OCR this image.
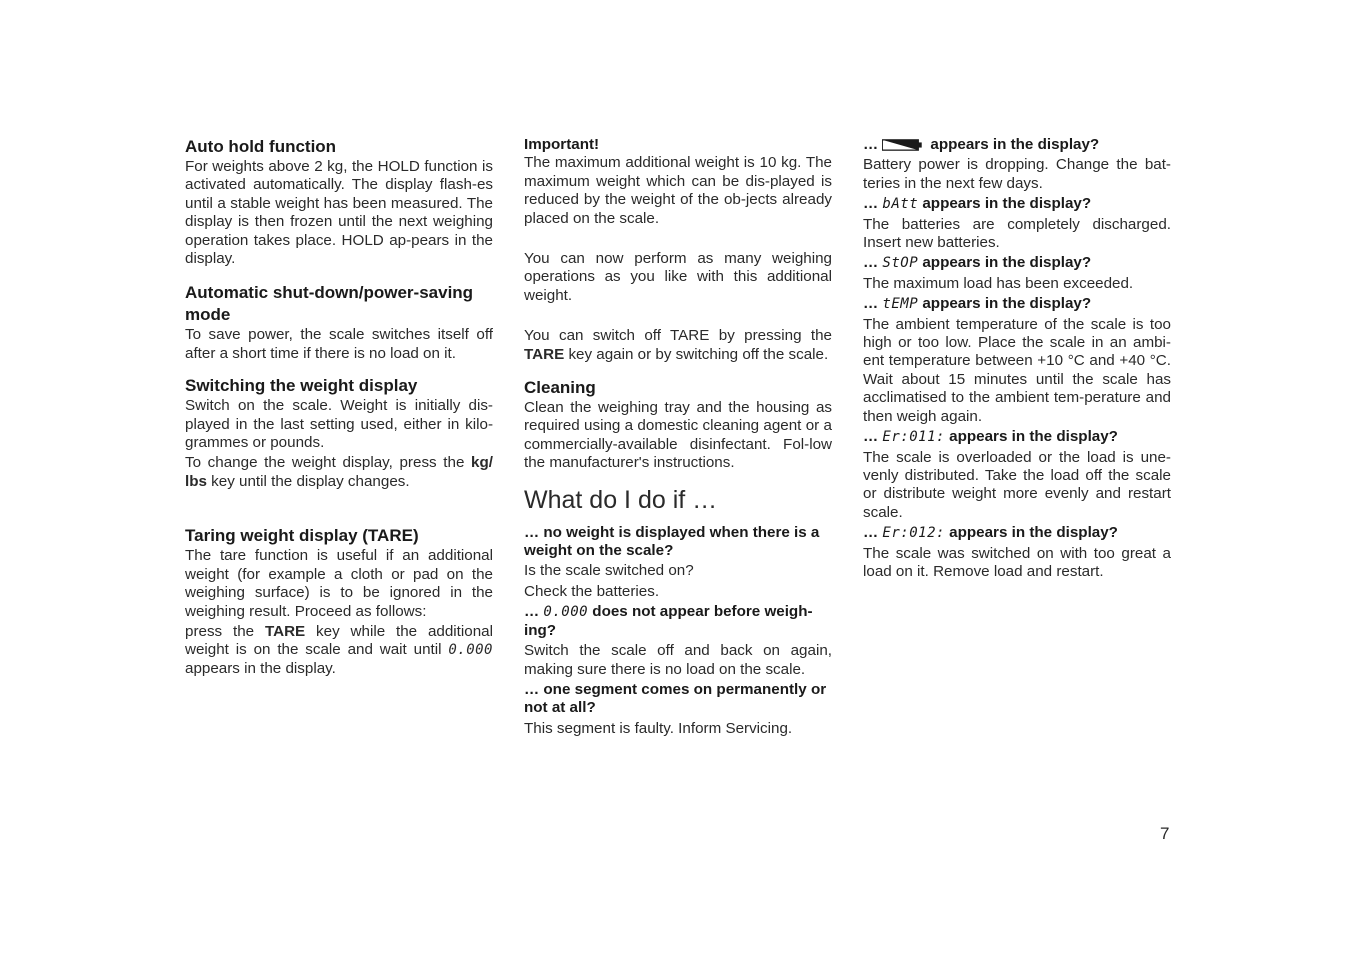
Auto hold function

For weights above 2 kg, the HOLD function is activated automatically. The display flash-es until a stable weight has been measured. The display is then frozen until the next weighing operation takes place. HOLD ap-pears in the display.

Automatic shut-down/power-saving mode

To save power, the scale switches itself off after a short time if there is no load on it.

Switching the weight display

Switch on the scale. Weight is initially dis-played in the last setting used, either in kilo-grammes or pounds.

To change the weight display, press the kg/ lbs key until the display changes.

Taring weight display (TARE)

The tare function is useful if an additional weight (for example a cloth or pad on the weighing surface) is to be ignored in the weighing result. Proceed as follows:

press the TARE key while the additional weight is on the scale and wait until 0.000 appears in the display.

Important!

The maximum additional weight is 10 kg. The maximum weight which can be dis-played is reduced by the weight of the ob-jects already placed on the scale.

You can now perform as many weighing operations as you like with this additional weight.

You can switch off TARE by pressing the TARE key again or by switching off the scale.

Cleaning

Clean the weighing tray and the housing as required using a domestic cleaning agent or a commercially-available disinfectant. Fol-low the manufacturer's instructions.

What do I do if …
… no weight is displayed when there is a weight on the scale?

Is the scale switched on?

Check the batteries.

… 0.000 does not appear before weigh-ing?

Switch the scale off and back on again, making sure there is no load on the scale.

… one segment comes on permanently or not at all?

This segment is faulty. Inform Servicing.

…	appears in the display?

Battery power is dropping. Change the bat-teries in the next few days.

… bAtt appears in the display?

The batteries are completely discharged. Insert new batteries.

… StOP appears in the display?

The maximum load has been exceeded.

… tEMP appears in the display?

The ambient temperature of the scale is too high or too low. Place the scale in an ambi-ent temperature between +10 °C and +40 °C. Wait about 15 minutes until the scale has acclimatised to the ambient tem-perature and then weigh again.

… Er:011: appears in the display?

The scale is overloaded or the load is une-venly distributed. Take the load off the scale or distribute weight more evenly and restart scale.

… Er:012: appears in the display?

The scale was switched on with too great a load on it. Remove load and restart.

7
